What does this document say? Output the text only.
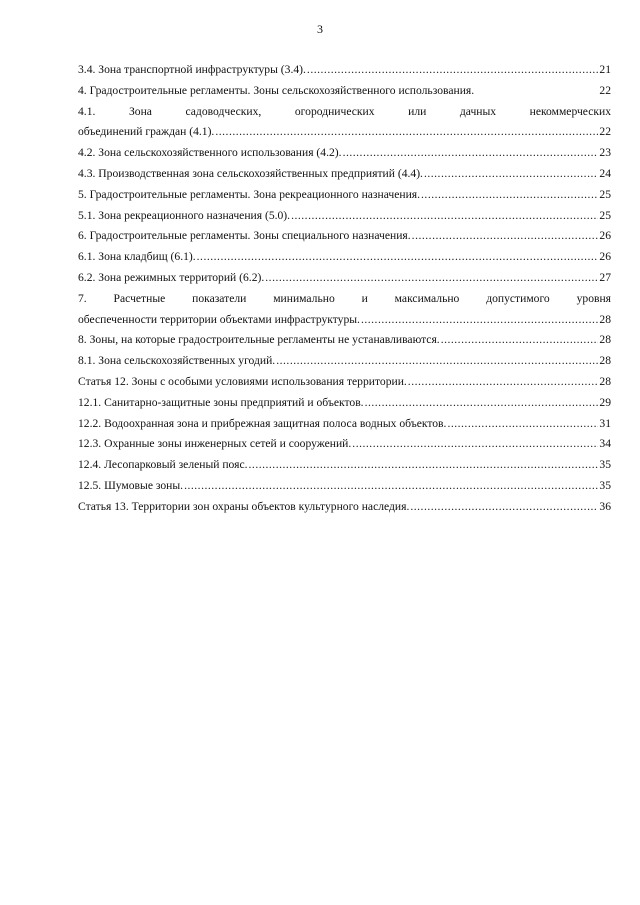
3
3.4. Зона транспортной инфраструктуры (3.4). .....	21
4. Градостроительные регламенты. Зоны сельскохозяйственного использования.	22
4.1. Зона садоводческих, огороднических или дачных некоммерческих
объединений граждан (4.1). .....	22
4.2. Зона сельскохозяйственного использования (4.2). .....	23
4.3. Производственная зона сельскохозяйственных предприятий (4.4). .....	24
5. Градостроительные регламенты. Зона рекреационного назначения. .....	25
5.1. Зона рекреационного назначения (5.0). .....	25
6. Градостроительные регламенты. Зоны специального назначения. .....	26
6.1. Зона кладбищ (6.1). .....	26
6.2. Зона режимных территорий (6.2). .....	27
7. Расчетные показатели минимально и максимально допустимого уровня
обеспеченности территории объектами инфраструктуры. .....	28
8. Зоны, на которые градостроительные регламенты не устанавливаются. .....	28
8.1. Зона сельскохозяйственных угодий. .....	28
Статья 12. Зоны с особыми условиями использования территории. .....	28
12.1. Санитарно-защитные зоны предприятий и объектов. .....	29
12.2. Водоохранная зона и прибрежная защитная полоса водных объектов. .....	31
12.3. Охранные зоны инженерных сетей и сооружений. .....	34
12.4. Лесопарковый зеленый пояс. .....	35
12.5. Шумовые зоны. .....	35
Статья 13. Территории зон охраны объектов культурного наследия. .....	36
